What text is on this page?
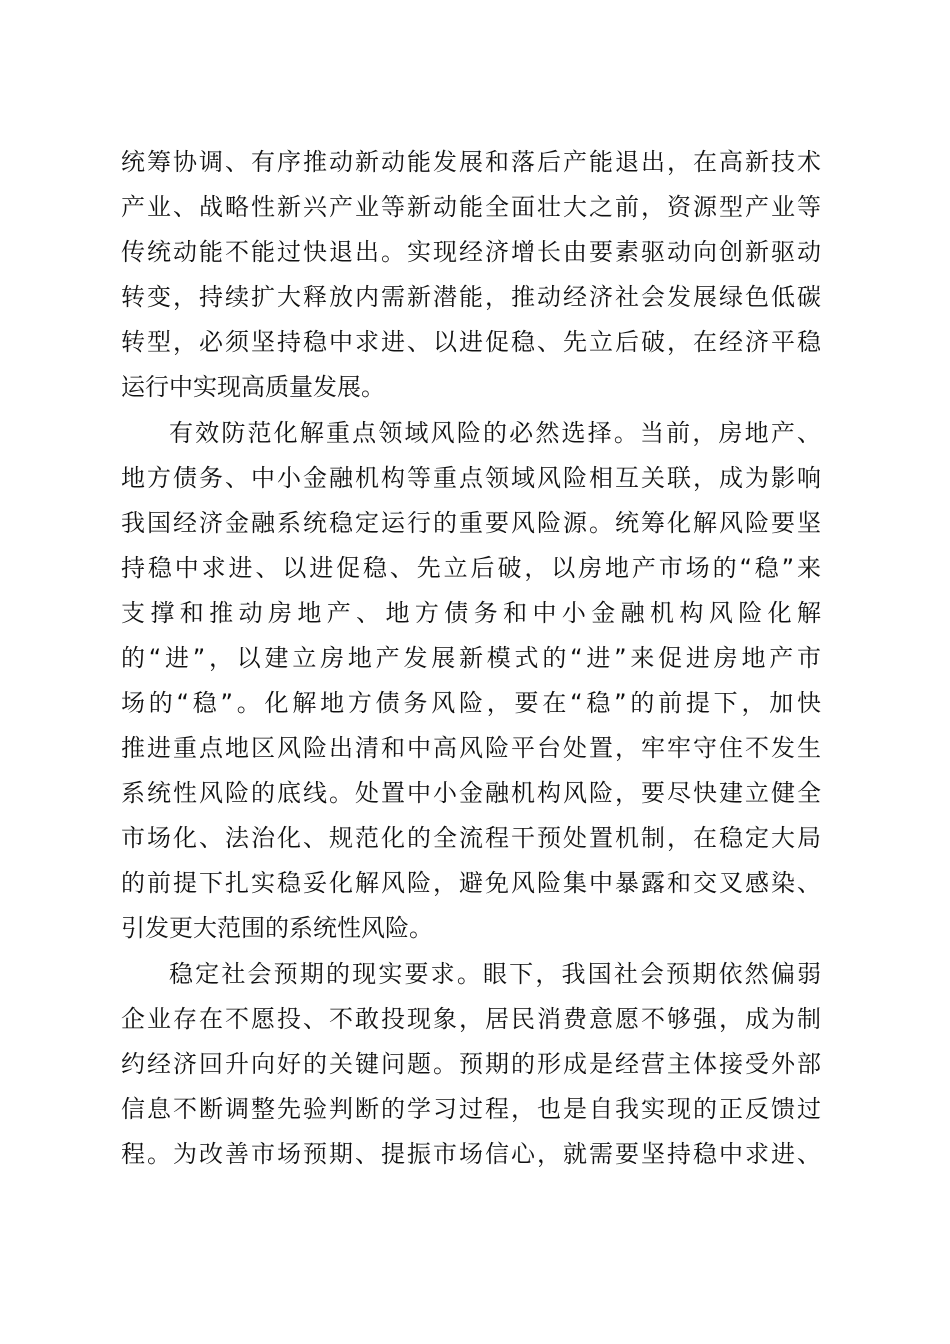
统筹协调、有序推动新动能发展和落后产能退出，在高新技术
产业、战略性新兴产业等新动能全面壮大之前，资源型产业等
传统动能不能过快退出。实现经济增长由要素驱动向创新驱动
转变，持续扩大释放内需新潜能，推动经济社会发展绿色低碳
转型，必须坚持稳中求进、以进促稳、先立后破，在经济平稳
运行中实现高质量发展。
有效防范化解重点领域风险的必然选择。当前，房地产、
地方债务、中小金融机构等重点领域风险相互关联，成为影响
我国经济金融系统稳定运行的重要风险源。统筹化解风险要坚
持稳中求进、以进促稳、先立后破，以房地产市场的“稳”来
支撑和推动房地产、地方债务和中小金融机构风险化解
的“进”，以建立房地产发展新模式的“进”来促进房地产市
场的“稳”。化解地方债务风险，要在“稳”的前提下，加快
推进重点地区风险出清和中高风险平台处置，牢牢守住不发生
系统性风险的底线。处置中小金融机构风险，要尽快建立健全
市场化、法治化、规范化的全流程干预处置机制，在稳定大局
的前提下扎实稳妥化解风险，避免风险集中暴露和交叉感染、
引发更大范围的系统性风险。
稳定社会预期的现实要求。眼下，我国社会预期依然偏弱
企业存在不愿投、不敢投现象，居民消费意愿不够强，成为制
约经济回升向好的关键问题。预期的形成是经营主体接受外部
信息不断调整先验判断的学习过程，也是自我实现的正反馈过
程。为改善市场预期、提振市场信心，就需要坚持稳中求进、
